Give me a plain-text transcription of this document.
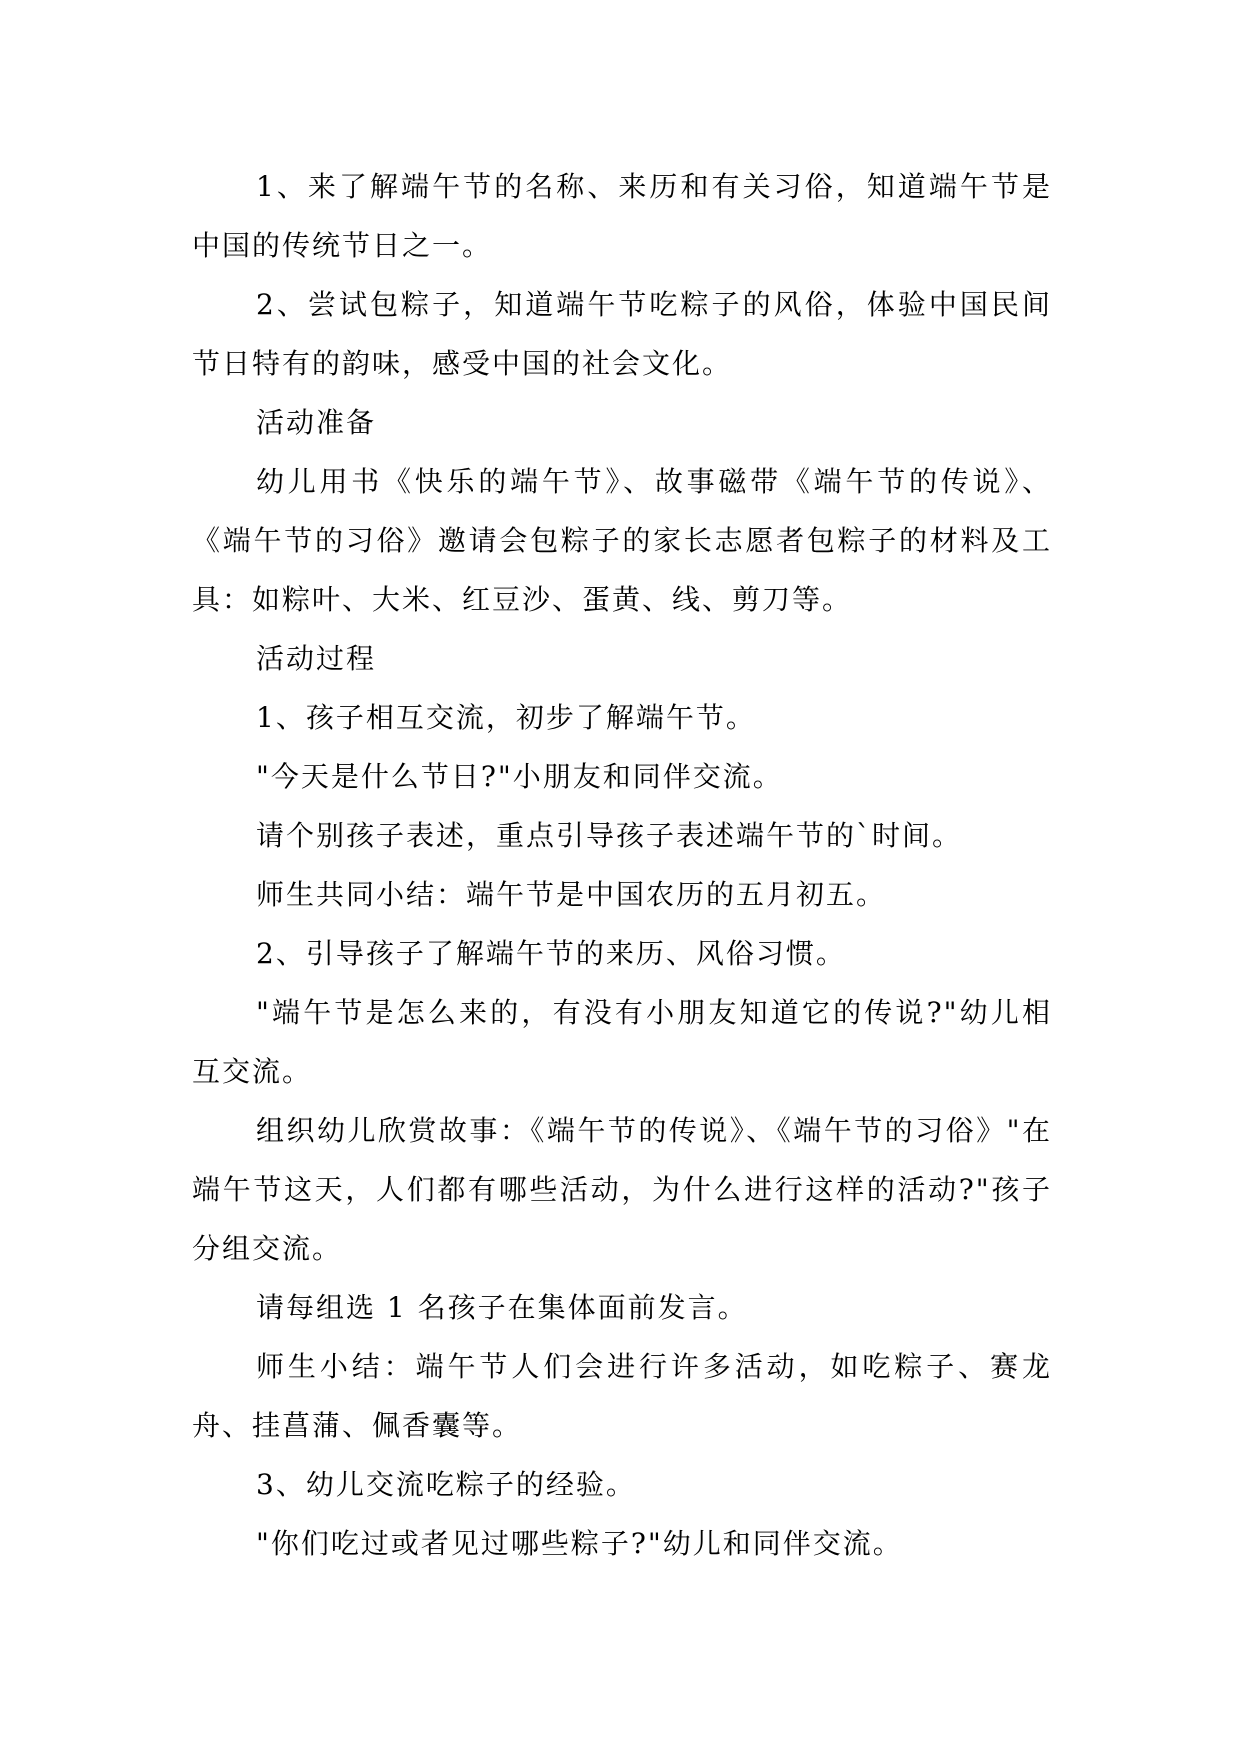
1、来了解端午节的名称、来历和有关习俗，知道端午节是中国的传统节日之一。

2、尝试包粽子，知道端午节吃粽子的风俗，体验中国民间节日特有的韵味，感受中国的社会文化。

活动准备

幼儿用书《快乐的端午节》、故事磁带《端午节的传说》、《端午节的习俗》邀请会包粽子的家长志愿者包粽子的材料及工具：如粽叶、大米、红豆沙、蛋黄、线、剪刀等。

活动过程

1、孩子相互交流，初步了解端午节。

"今天是什么节日?"小朋友和同伴交流。

请个别孩子表述，重点引导孩子表述端午节的`时间。

师生共同小结：端午节是中国农历的五月初五。

2、引导孩子了解端午节的来历、风俗习惯。

"端午节是怎么来的，有没有小朋友知道它的传说?"幼儿相互交流。

组织幼儿欣赏故事：《端午节的传说》、《端午节的习俗》"在端午节这天，人们都有哪些活动，为什么进行这样的活动?"孩子分组交流。

请每组选 1 名孩子在集体面前发言。

师生小结：端午节人们会进行许多活动，如吃粽子、赛龙舟、挂菖蒲、佩香囊等。

3、幼儿交流吃粽子的经验。

"你们吃过或者见过哪些粽子?"幼儿和同伴交流。
